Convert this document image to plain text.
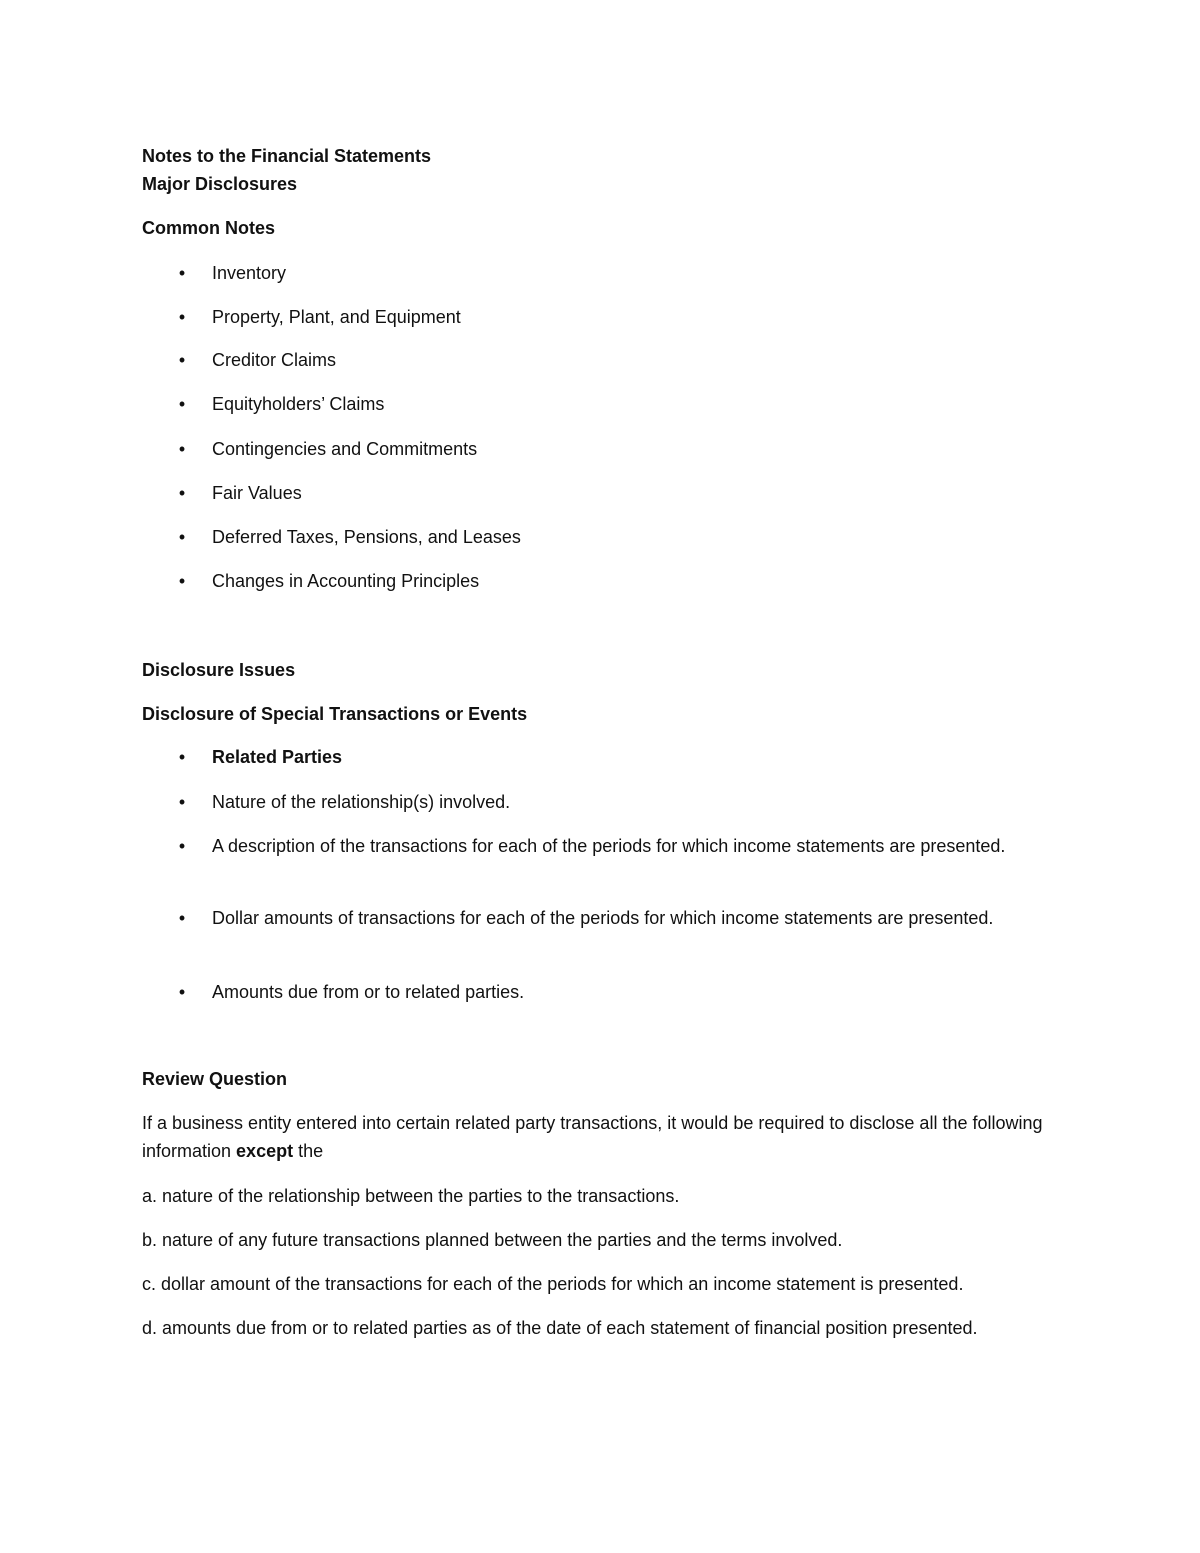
Notes to the Financial Statements
Major Disclosures
Common Notes
• Inventory
• Property, Plant, and Equipment
• Creditor Claims
• Equityholders’ Claims
• Contingencies and Commitments
• Fair Values
• Deferred Taxes, Pensions, and Leases
• Changes in Accounting Principles
Disclosure Issues
Disclosure of Special Transactions or Events
• Related Parties
• Nature of the relationship(s) involved.
• A description of the transactions for each of the periods for which income statements are presented.
• Dollar amounts of transactions for each of the periods for which income statements are presented.
• Amounts due from or to related parties.
Review Question
If a business entity entered into certain related party transactions, it would be required to disclose all the following information except the
a. nature of the relationship between the parties to the transactions.
b. nature of any future transactions planned between the parties and the terms involved.
c. dollar amount of the transactions for each of the periods for which an income statement is presented.
d. amounts due from or to related parties as of the date of each statement of financial position presented.
